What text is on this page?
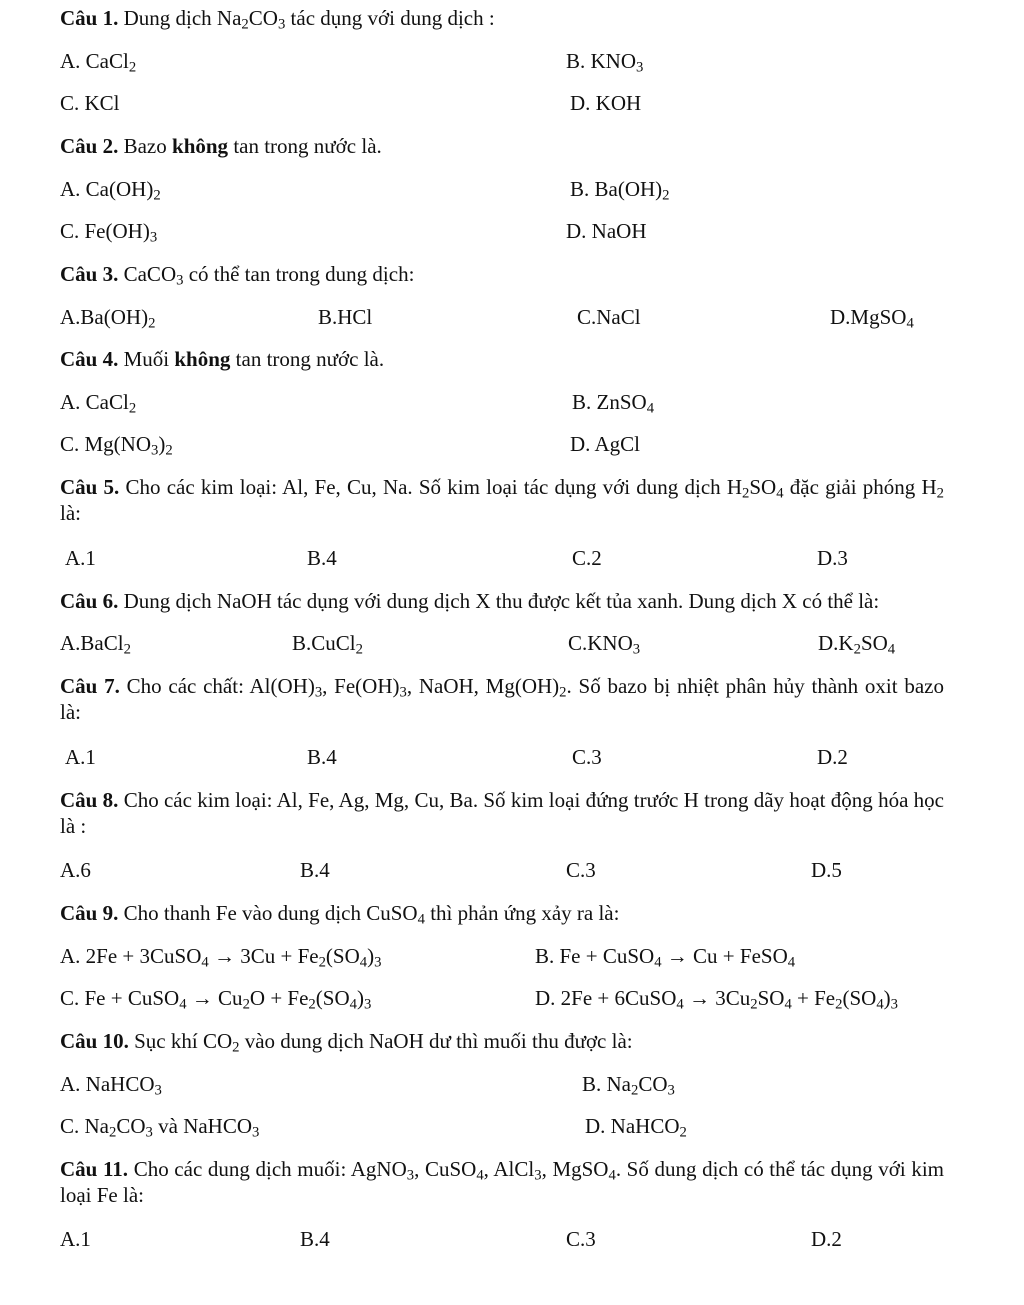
Câu 1. Dung dịch $Na_2CO_3$ tác dụng với dung dịch :
A. CaCl$_2$	B. $KNO_3$
C. KCl	D. KOH
Câu 2. Bazo không tan trong nước là.
A. $Ca(OH)_2$	B. $Ba(OH)_2$
C. $Fe(OH)_3$	D. NaOH
Câu 3. CaCO$_3$ có thể tan trong dung dịch:
$A.Ba(OH)_2$	B.HCl	C.NaCl	D.MgSO$_4$
Câu 4. Muối không tan trong nước là.
A. CaCl$_2$	B. ZnSO$_4$
C. $Mg(NO_3)_2$	D. AgCl
Câu 5. Cho các kim loại: Al, Fe, Cu, Na. Số kim loại tác dụng với dung dịch $H_2SO_4$ đặc giải phóng $H_2$ là:
A.1	B.4	C.2	D.3
Câu 6. Dung dịch NaOH tác dụng với dung dịch X thu được kết tủa xanh. Dung dịch X có thể là:
A.BaCl$_2$	B.CuCl$_2$	$C.KNO_3$	$D.K_2SO_4$
Câu 7. Cho các chất: $Al(OH)_3$, $Fe(OH)_3$, NaOH, $Mg(OH)_2$. Số bazo bị nhiệt phân hủy thành oxit bazo là:
A.1	B.4	C.3	D.2
Câu 8. Cho các kim loại: Al, Fe, Ag, Mg, Cu, Ba. Số kim loại đứng trước H trong dãy hoạt động hóa học là :
A.6	B.4	C.3	D.5
Câu 9. Cho thanh Fe vào dung dịch CuSO$_4$ thì phản ứng xảy ra là:
A. 2Fe + 3CuSO$_4$ → $3Cu + Fe_2(SO_4)_3$	B. Fe + CuSO$_4$ → Cu + FeSO$_4$
C. Fe + CuSO$_4$ → $Cu_2O + Fe_2(SO_4)_3$	D. 2Fe + 6CuSO$_4$ → $3Cu_2SO_4 + Fe_2(SO_4)_3$
Câu 10. Sục khí $CO_2$ vào dung dịch NaOH dư thì muối thu được là:
A. NaHCO$_3$	B. $Na_2CO_3$
C. $Na_2CO_3$ và NaHCO$_3$	D. NaHCO$_2$
Câu 11. Cho các dung dịch muối: AgNO$_3$, CuSO$_4$, AlCl$_3$, MgSO$_4$. Số dung dịch có thể tác dụng với kim loại Fe là:
A.1	B.4	C.3	D.2
